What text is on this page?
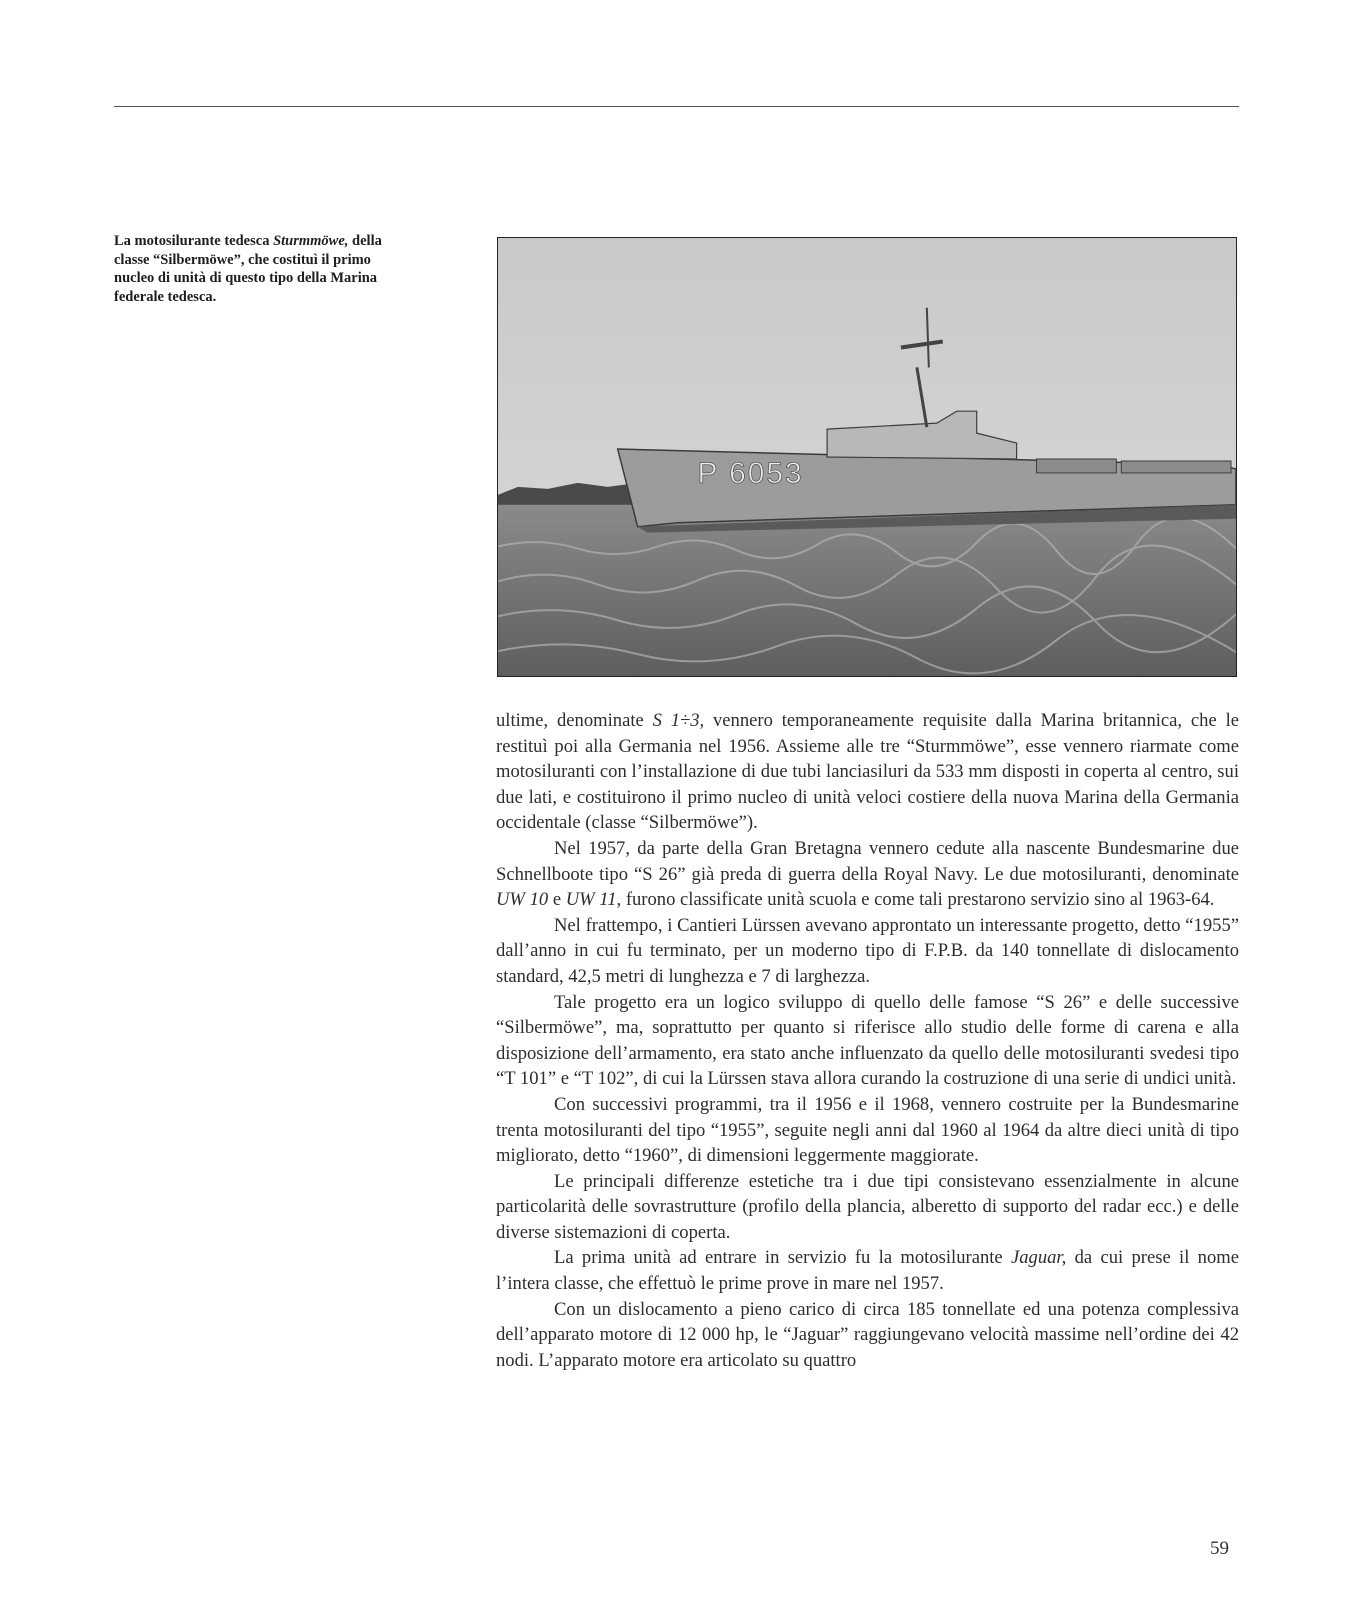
La motosilurante tedesca Sturmmöwe, della classe “Silbermöwe”, che costituì il primo nucleo di unità di questo tipo della Marina federale tedesca.
P 6053

ultime, denominate S 1÷3, vennero temporaneamente requisite dalla Marina britannica, che le restituì poi alla Germania nel 1956. Assieme alle tre “Sturmmöwe”, esse vennero riarmate come motosiluranti con l’installazione di due tubi lanciasiluri da 533 mm disposti in coperta al centro, sui due lati, e costituirono il primo nucleo di unità veloci costiere della nuova Marina della Germania occidentale (classe “Silbermöwe”).

Nel 1957, da parte della Gran Bretagna vennero cedute alla nascente Bundesmarine due Schnellboote tipo “S 26” già preda di guerra della Royal Navy. Le due motosiluranti, denominate UW 10 e UW 11, furono classificate unità scuola e come tali prestarono servizio sino al 1963-64.

Nel frattempo, i Cantieri Lürssen avevano approntato un interessante progetto, detto “1955” dall’anno in cui fu terminato, per un moderno tipo di F.P.B. da 140 tonnellate di dislocamento standard, 42,5 metri di lunghezza e 7 di larghezza.

Tale progetto era un logico sviluppo di quello delle famose “S 26” e delle successive “Silbermöwe”, ma, soprattutto per quanto si riferisce allo studio delle forme di carena e alla disposizione dell’armamento, era stato anche influenzato da quello delle motosiluranti svedesi tipo “T 101” e “T 102”, di cui la Lürssen stava allora curando la costruzione di una serie di undici unità.

Con successivi programmi, tra il 1956 e il 1968, vennero costruite per la Bundesmarine trenta motosiluranti del tipo “1955”, seguite negli anni dal 1960 al 1964 da altre dieci unità di tipo migliorato, detto “1960”, di dimensioni leggermente maggiorate.

Le principali differenze estetiche tra i due tipi consistevano essenzialmente in alcune particolarità delle sovrastrutture (profilo della plancia, alberetto di supporto del radar ecc.) e delle diverse sistemazioni di coperta.

La prima unità ad entrare in servizio fu la motosilurante Jaguar, da cui prese il nome l’intera classe, che effettuò le prime prove in mare nel 1957.

Con un dislocamento a pieno carico di circa 185 tonnellate ed una potenza complessiva dell’apparato motore di 12 000 hp, le “Jaguar” raggiungevano velocità massime nell’ordine dei 42 nodi. L’apparato motore era articolato su quattro

59
